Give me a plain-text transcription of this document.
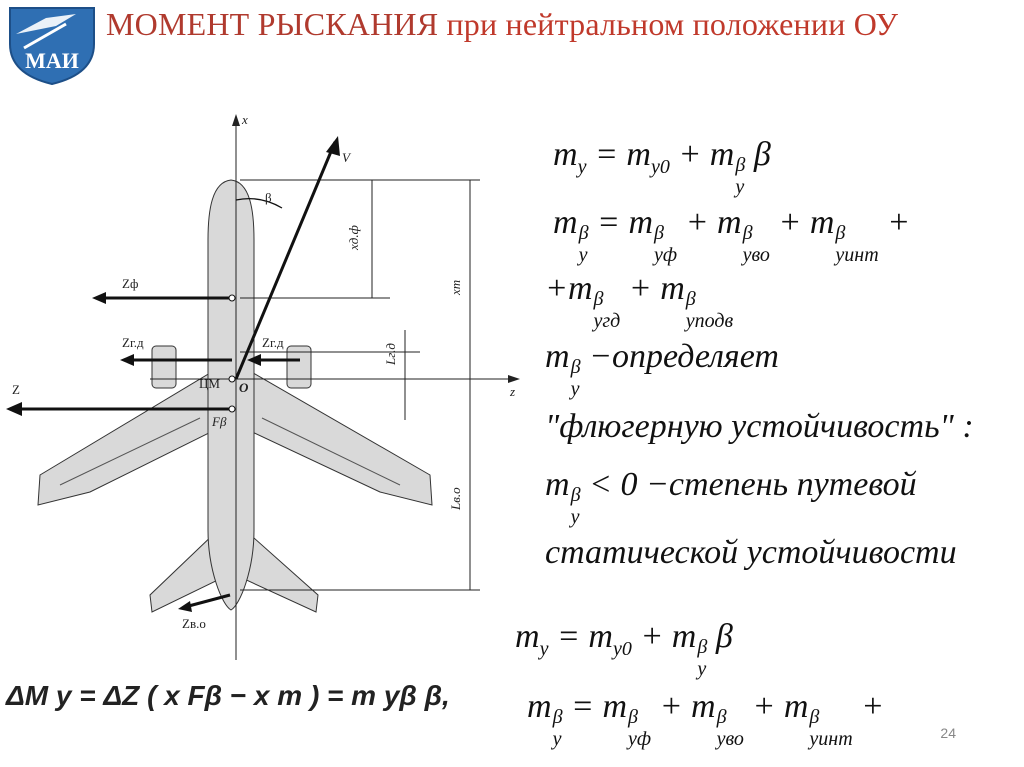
МАИ
МОМЕНТ РЫСКАНИЯ при нейтральном положении ОУ
x
z
V
β
Zф
Zг.д	Zг.д
Z	ЦМ O
Fβ
Zв.о
xд.ф
xт
Lг.д
Lв.о
$m_y = m_{y0} + m$ β
y
β
m β
y
= m β
yф
+ m β
yво
+ m β
yинт
+
+m β
yгд
+ m β
yподв
m β
y
−определяет
"флюгерную устойчивость" :
m β
y
< 0 −степень путевой
статической устойчивости
$m_y = m_{y0} + m$ β
y
β
m β
y
= m β
yф
+ m β
yво
+ m β
yинт
+
ΔM y = ΔZ ( x Fβ − x т ) = m yβ β,
24
